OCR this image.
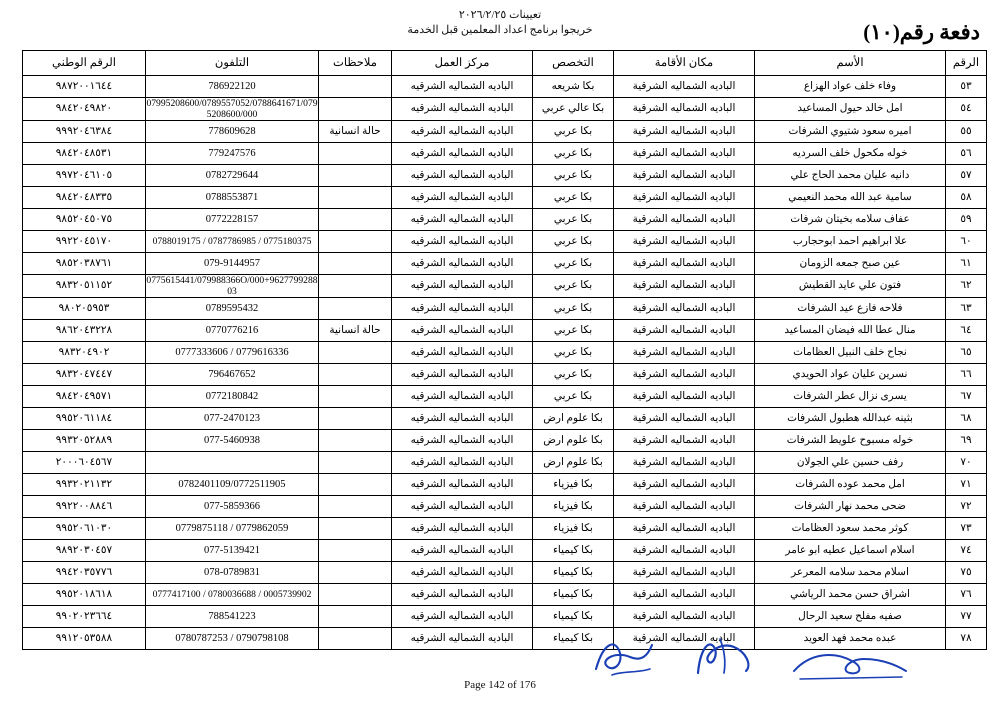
تعيينات ٢٠٢٦/٢/٢٥
خريجوا برنامج اعداد المعلمين قبل الخدمة	دفعة رقم(١٠)
الرقم	الأسم	مكان الأقامة	التخصص	مركز العمل	ملاحظات	التلفون	الرقم الوطني
٥٣	وفاء خلف عواد الهزاع	الباديه الشماليه الشرقية	بكا شريعه	الباديه الشماليه الشرقيه		786922120	٩٨٧٢٠٠١٦٤٤
٥٤	امل خالد حيول المساعيد	الباديه الشماليه الشرقية	بكا عالي عربي	الباديه الشماليه الشرقيه		07995208600/0789557052/0788641671/0795208600/000	٩٨٤٢٠٤٩٨٢٠
٥٥	اميره سعود شتيوي الشرفات	الباديه الشماليه الشرقية	بكا عربي	الباديه الشماليه الشرقيه	حالة انسانية	778609628	٩٩٩٢٠٤٦٣٨٤
٥٦	خوله مكحول خلف السرديه	الباديه الشماليه الشرقية	بكا عربي	الباديه الشماليه الشرقيه		779247576	٩٨٤٢٠٤٨٥٣١
٥٧	دانيه عليان محمد الحاج علي	الباديه الشماليه الشرقية	بكا عربي	الباديه الشماليه الشرقيه		0782729644	٩٩٧٢٠٤٦١٠٥
٥٨	سامية عبد الله محمد النعيمي	الباديه الشماليه الشرقية	بكا عربي	الباديه الشماليه الشرقيه		0788553871	٩٨٤٢٠٤٨٣٣٥
٥٩	عفاف سلامه بخيتان شرفات	الباديه الشماليه الشرقية	بكا عربي	الباديه الشماليه الشرقيه		0772228157	٩٨٥٢٠٤٥٠٧٥
٦٠	علا ابراهيم احمد ابوحجارب	الباديه الشماليه الشرقية	بكا عربي	الباديه الشماليه الشرقيه		0788019175 / 0787786985 / 0775180375	٩٩٢٢٠٤٥١٧٠
٦١	عين صبح جمعه الزومان	الباديه الشماليه الشرقية	بكا عربي	الباديه الشماليه الشرقيه		079-9144957	٩٨٥٢٠٣٨٧٦١
٦٢	فتون علي عايد القطيش	الباديه الشماليه الشرقية	بكا عربي	الباديه الشماليه الشرقيه		0775615441/079988366O/000+962779928803	٩٨٣٢٠٥١١٥٢
٦٣	فلاحه فازع عيد الشرفات	الباديه الشماليه الشرقية	بكا عربي	الباديه الشماليه الشرقيه		0789595432	٩٨٠٢٠٥٩٥٣
٦٤	منال عطا الله فيضان المساعيد	الباديه الشماليه الشرقية	بكا عربي	الباديه الشماليه الشرقيه	حالة انسانية	0770776216	٩٨٦٢٠٤٣٢٢٨
٦٥	نجاح خلف النبيل العظامات	الباديه الشماليه الشرقية	بكا عربي	الباديه الشماليه الشرقيه		0777333606 / 0779616336	٩٨٣٢٠٤٩٠٢
٦٦	نسرين عليان عواد الحويدي	الباديه الشماليه الشرقية	بكا عربي	الباديه الشماليه الشرقيه		796467652	٩٨٣٢٠٤٧٤٤٧
٦٧	يسرى نزال عطر الشرفات	الباديه الشماليه الشرقية	بكا عربي	الباديه الشماليه الشرقيه		0772180842	٩٨٤٢٠٤٩٥٧١
٦٨	بثينه عبدالله هطبول الشرفات	الباديه الشماليه الشرقية	بكا علوم ارض	الباديه الشماليه الشرقيه		077-2470123	٩٩٥٢٠٦١١٨٤
٦٩	خوله مسبوح علويط الشرفات	الباديه الشماليه الشرقية	بكا علوم ارض	الباديه الشماليه الشرقيه		077-5460938	٩٩٣٢٠٥٢٨٨٩
٧٠	رفف حسين علي الجولان	الباديه الشماليه الشرقية	بكا علوم ارض	الباديه الشماليه الشرقيه			٢٠٠٠٦٠٤٥٦٧
٧١	امل محمد عوده الشرفات	الباديه الشماليه الشرقية	بكا فيزياء	الباديه الشماليه الشرقيه		0782401109/0772511905	٩٩٣٢٠٢١١٣٢
٧٢	ضحى محمد نهار الشرفات	الباديه الشماليه الشرقية	بكا فيزياء	الباديه الشماليه الشرقيه		077-5859366	٩٩٢٢٠٠٨٨٤٦
٧٣	كوثر محمد سعود العظامات	الباديه الشماليه الشرقية	بكا فيزياء	الباديه الشماليه الشرقيه		0779875118 / 0779862059	٩٩٥٢٠٦١٠٣٠
٧٤	اسلام اسماعيل عطيه ابو عامر	الباديه الشماليه الشرقية	بكا كيمياء	الباديه الشماليه الشرقيه		077-5139421	٩٨٩٢٠٣٠٤٥٧
٧٥	اسلام محمد سلامه المعرعر	الباديه الشماليه الشرقية	بكا كيمياء	الباديه الشماليه الشرقيه		078-0789831	٩٩٤٢٠٣٥٧٧٦
٧٦	اشراق حسن محمد الرياشي	الباديه الشماليه الشرقية	بكا كيمياء	الباديه الشماليه الشرقيه		0777417100 / 0780036688 / 0005739902	٩٩٥٢٠١٨٦١٨
٧٧	صفيه مفلح سعيد الرحال	الباديه الشماليه الشرقية	بكا كيمياء	الباديه الشماليه الشرقيه		788541223	٩٩٠٢٠٢٣٦٦٤
٧٨	عبده محمد فهد العويد	الباديه الشماليه الشرقية	بكا كيمياء	الباديه الشماليه الشرقيه		0780787253 / 0790798108	٩٩١٢٠٥٣٥٨٨
Page 142 of 176
